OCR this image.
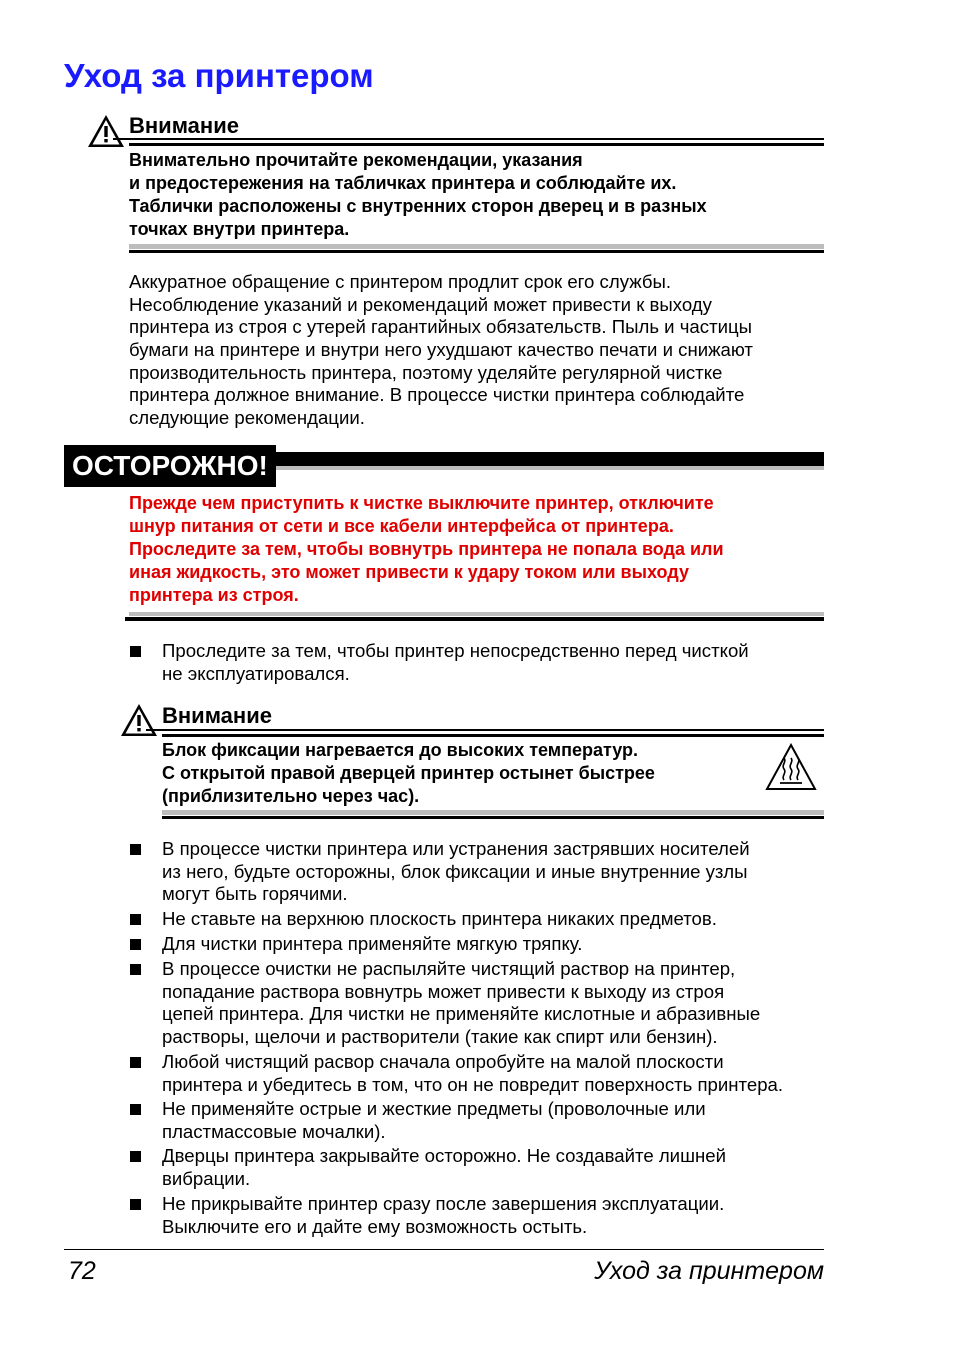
Уход за принтером
Внимание
Внимательно прочитайте рекомендации, указания
и предостережения на табличках принтера и соблюдайте их.
Таблички расположены с внутренних сторон дверец и в разных
точках внутри принтера.
Аккуратное обращение с принтером продлит срок его службы.
Несоблюдение указаний и рекомендаций может привести к выходу
принтера из строя с утерей гарантийных обязательств. Пыль и частицы
бумаги на принтере и внутри него ухудшают качество печати и снижают
производительность принтера, поэтому уделяйте регулярной чистке
принтера должное внимание. В процессе чистки принтера соблюдайте
следующие рекомендации.
ОСТОРОЖНО!
Прежде чем приступить к чистке выключите принтер, отключите
шнур питания от сети и все кабели интерфейса от принтера.
Проследите за тем, чтобы вовнутрь принтера не попала вода или
иная жидкость, это может привести к удару током или выходу
принтера из строя.
Проследите за тем, чтобы принтер непосредственно перед чисткой
не эксплуатировался.
Внимание
Блок фиксации нагревается до высоких температур.
С открытой правой дверцей принтер остынет быстрее
(приблизительно через час).
В процессе чистки принтера или устранения застрявших носителей
из него, будьте осторожны, блок фиксации и иные внутренние узлы
могут быть горячими.
Не ставьте на верхнюю плоскость принтера никаких предметов.
Для чистки принтера применяйте мягкую тряпку.
В процессе очистки не распыляйте чистящий раствор на принтер,
попадание раствора вовнутрь может привести к выходу из строя
цепей принтера. Для чистки не применяйте кислотные и абразивные
растворы, щелочи и растворители (такие как спирт или бензин).
Любой чистящий расвор сначала опробуйте на малой плоскости
принтера и убедитесь в том, что он не повредит поверхность принтера.
Не применяйте острые и жесткие предметы (проволочные или
пластмассовые мочалки).
Дверцы принтера закрывайте осторожно. Не создавайте лишней
вибрации.
Не прикрывайте принтер сразу после завершения эксплуатации.
Выключите его и дайте ему возможность остыть.
72	Уход за принтером
